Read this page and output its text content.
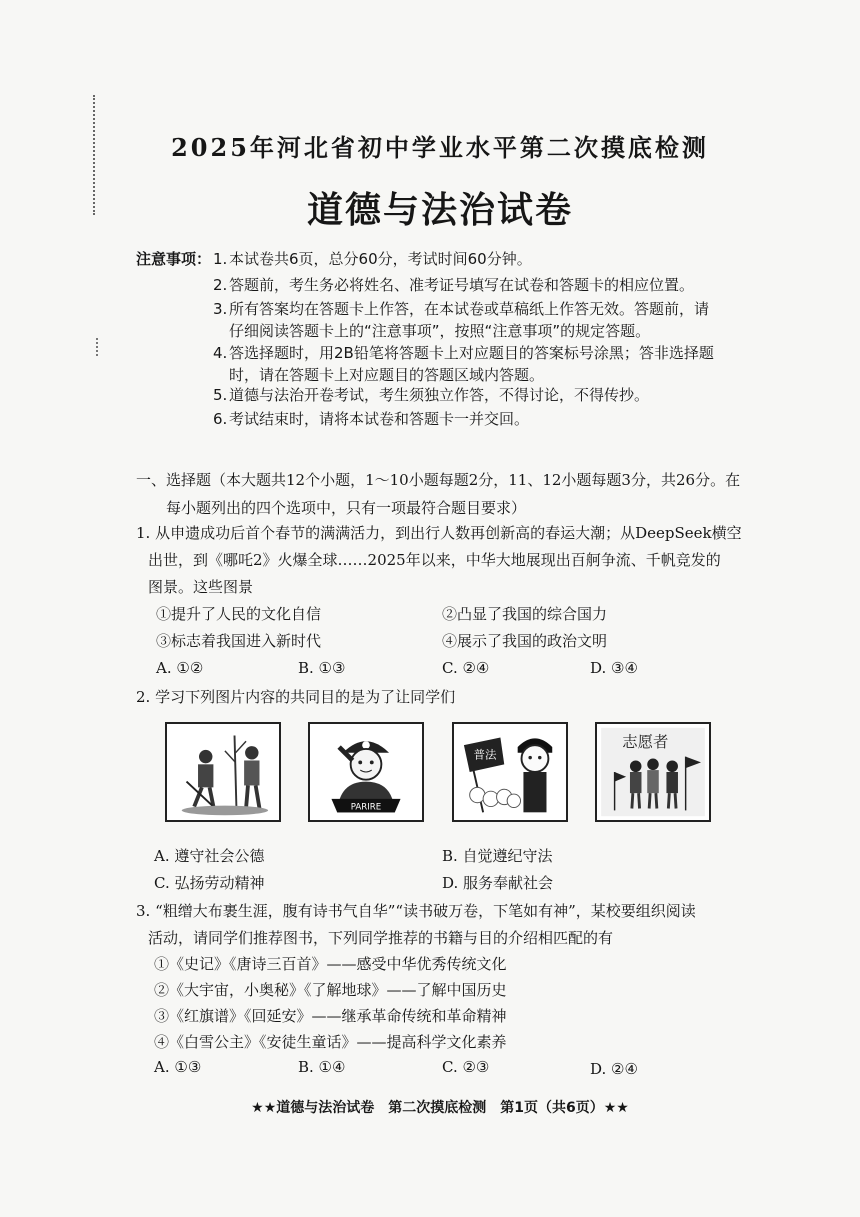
2025年河北省初中学业水平第二次摸底检测
道德与法治试卷
注意事项： 1. 本试卷共6页，总分60分，考试时间60分钟。
2. 答题前，考生务必将姓名、准考证号填写在试卷和答题卡的相应位置。
3. 所有答案均在答题卡上作答，在本试卷或草稿纸上作答无效。答题前，请
仔细阅读答题卡上的“注意事项”，按照“注意事项”的规定答题。
4. 答选择题时，用2B铅笔将答题卡上对应题目的答案标号涂黑；答非选择题
时，请在答题卡上对应题目的答题区域内答题。
5. 道德与法治开卷考试，考生须独立作答，不得讨论，不得传抄。
6. 考试结束时，请将本试卷和答题卡一并交回。
一、选择题（本大题共12个小题，1～10小题每题2分，11、12小题每题3分，共26分。在
每小题列出的四个选项中，只有一项最符合题目要求）
1. 从申遗成功后首个春节的满满活力，到出行人数再创新高的春运大潮；从DeepSeek横空
出世，到《哪吒2》火爆全球……2025年以来，中华大地展现出百舸争流、千帆竞发的
图景。这些图景
①提升了人民的文化自信	②凸显了我国的综合国力
③标志着我国进入新时代	④展示了我国的政治文明
A. ①②	B. ①③	C. ②④	D. ③④
2. 学习下列图片内容的共同目的是为了让同学们
PARIRE
普法
志愿者
A. 遵守社会公德	B. 自觉遵纪守法
C. 弘扬劳动精神	D. 服务奉献社会
3. “粗缯大布裹生涯，腹有诗书气自华”“读书破万卷，下笔如有神”，某校要组织阅读
活动，请同学们推荐图书，下列同学推荐的书籍与目的介绍相匹配的有
①《史记》《唐诗三百首》——感受中华优秀传统文化
②《大宇宙，小奥秘》《了解地球》——了解中国历史
③《红旗谱》《回延安》——继承革命传统和革命精神
④《白雪公主》《安徒生童话》——提高科学文化素养
A. ①③	B. ①④	C. ②③	D. ②④
★★道德与法治试卷　第二次摸底检测　第1页（共6页）★★
